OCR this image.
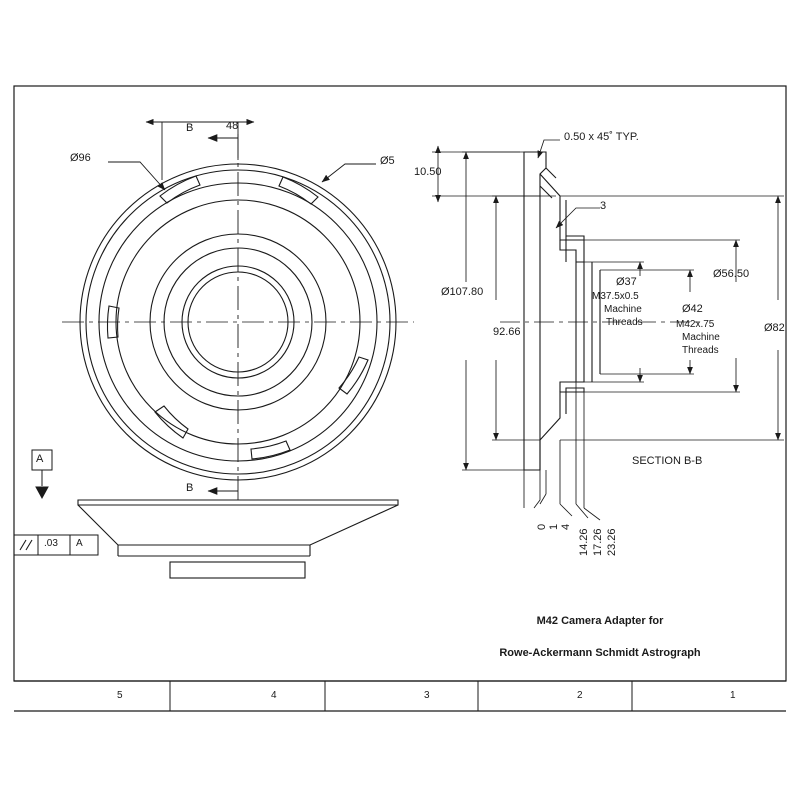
48
B
B
Ø96	Ø5
A
.03 A
0.50 x 45˚ TYP.
10.50
3
Ø107.80
92.66
Ø37
M37.5x0.5
Machine
Threads
Ø42
M42x.75
Machine
Threads
Ø56.50
Ø82
0 1 4
14.26 17.26 23.26
SECTION B-B

M42 Camera Adapter for

Rowe-Ackermann Schmidt Astrograph

5	4	3	2	1
